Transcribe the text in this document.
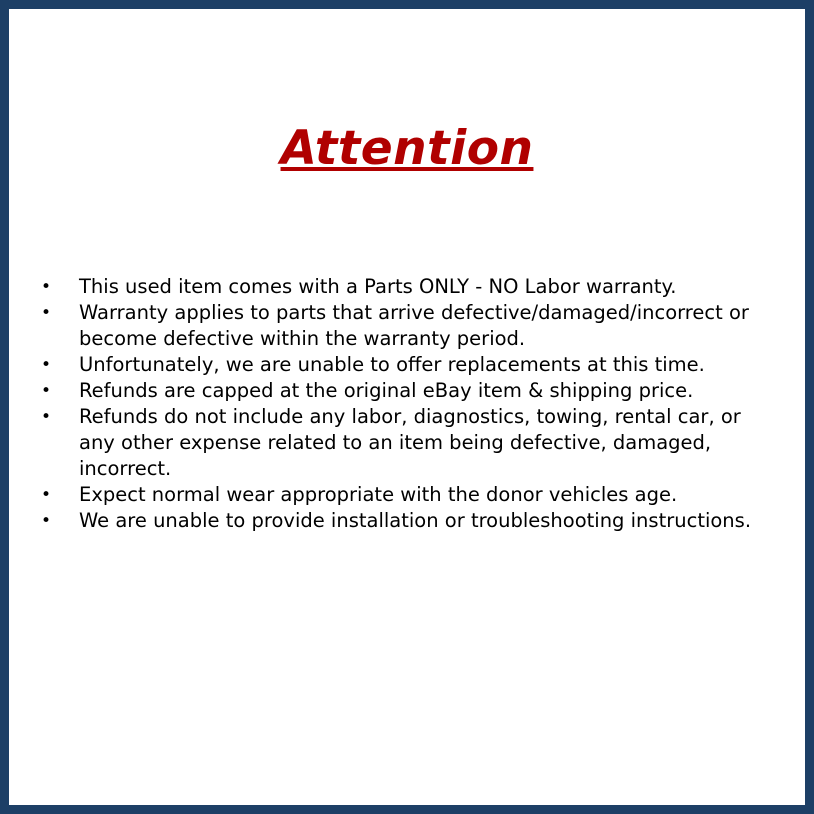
Attention
•	This used item comes with a Parts ONLY - NO Labor warranty.
•	Warranty applies to parts that arrive defective/damaged/incorrect or become defective within the warranty period.
•	Unfortunately, we are unable to offer replacements at this time.
•	Refunds are capped at the original eBay item & shipping price.
•	Refunds do not include any labor, diagnostics, towing, rental car, or any other expense related to an item being defective, damaged, incorrect.
•	Expect normal wear appropriate with the donor vehicles age.
•	We are unable to provide installation or troubleshooting instructions.
